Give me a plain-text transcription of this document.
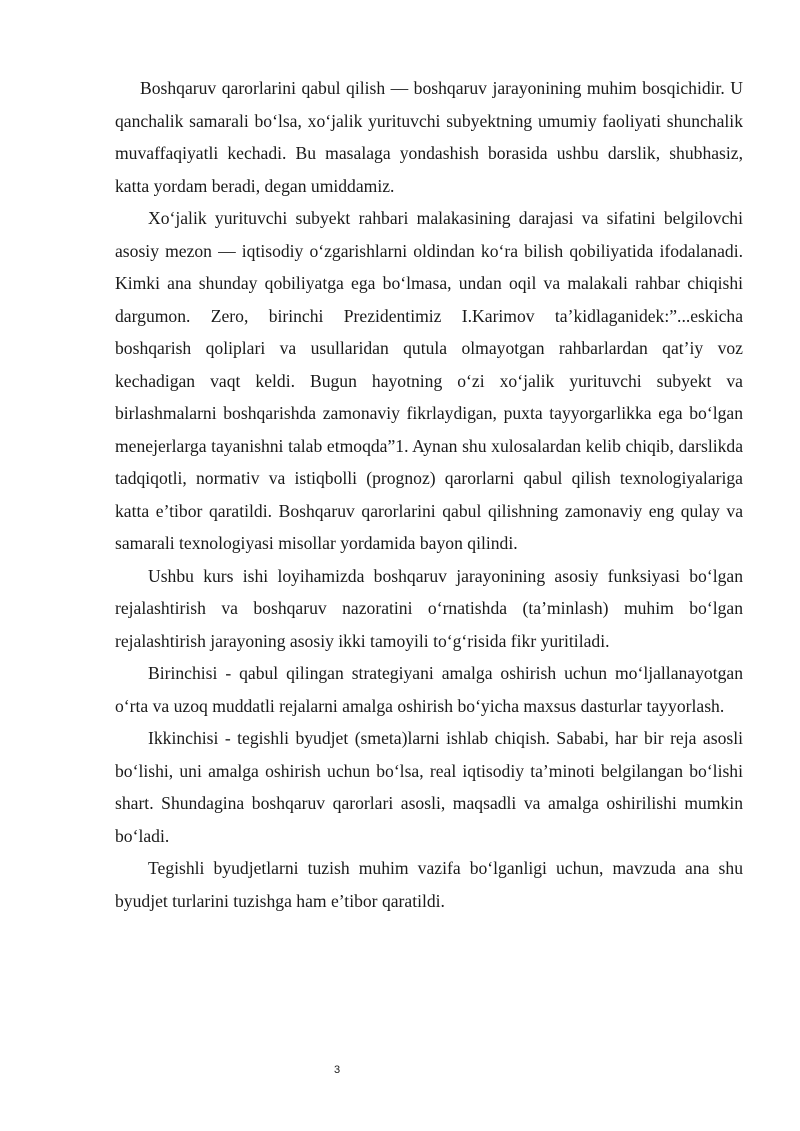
Boshqaruv qarorlarini qabul qilish — boshqaruv jarayonining muhim bosqichidir. U qanchalik samarali bo‘lsa, xo‘jalik yurituvchi subyektning umumiy faoliyati shunchalik muvaffaqiyatli kechadi. Bu masalaga yondashish borasida ushbu darslik, shubhasiz, katta yordam beradi, degan umiddamiz.

Xo‘jalik yurituvchi subyekt rahbari malakasining darajasi va sifatini belgilovchi asosiy mezon — iqtisodiy o‘zgarishlarni oldindan ko‘ra bilish qobiliyatida ifodalanadi. Kimki ana shunday qobiliyatga ega bo‘lmasa, undan oqil va malakali rahbar chiqishi dargumon. Zero, birinchi Prezidentimiz I.Karimov ta’kidlaganidek:”...eskicha boshqarish qoliplari va usullaridan qutula olmayotgan rahbarlardan qat’iy voz kechadigan vaqt keldi. Bugun hayotning o‘zi xo‘jalik yurituvchi subyekt va birlashmalarni boshqarishda zamonaviy fikrlaydigan, puxta tayyorgarlikka ega bo‘lgan menejerlarga tayanishni talab etmoqda”1. Aynan shu xulosalardan kelib chiqib, darslikda tadqiqotli, normativ va istiqbolli (prognoz) qarorlarni qabul qilish texnologiyalariga katta e’tibor qaratildi. Boshqaruv qarorlarini qabul qilishning zamonaviy eng qulay va samarali texnologiyasi misollar yordamida bayon qilindi.

Ushbu kurs ishi loyihamizda boshqaruv jarayonining asosiy funksiyasi bo‘lgan rejalashtirish va boshqaruv nazoratini o‘rnatishda (ta’minlash) muhim bo‘lgan rejalashtirish jarayoning asosiy ikki tamoyili to‘g‘risida fikr yuritiladi.

Birinchisi - qabul qilingan strategiyani amalga oshirish uchun mo‘ljallanayotgan o‘rta va uzoq muddatli rejalarni amalga oshirish bo‘yicha maxsus dasturlar tayyorlash.

Ikkinchisi - tegishli byudjet (smeta)larni ishlab chiqish. Sababi, har bir reja asosli bo‘lishi, uni amalga oshirish uchun bo‘lsa, real iqtisodiy ta’minoti belgilangan bo‘lishi shart. Shundagina boshqaruv qarorlari asosli, maqsadli va amalga oshirilishi mumkin bo‘ladi.

Tegishli byudjetlarni tuzish muhim vazifa bo‘lganligi uchun, mavzuda ana shu byudjet turlarini tuzishga ham e’tibor qaratildi.

3
